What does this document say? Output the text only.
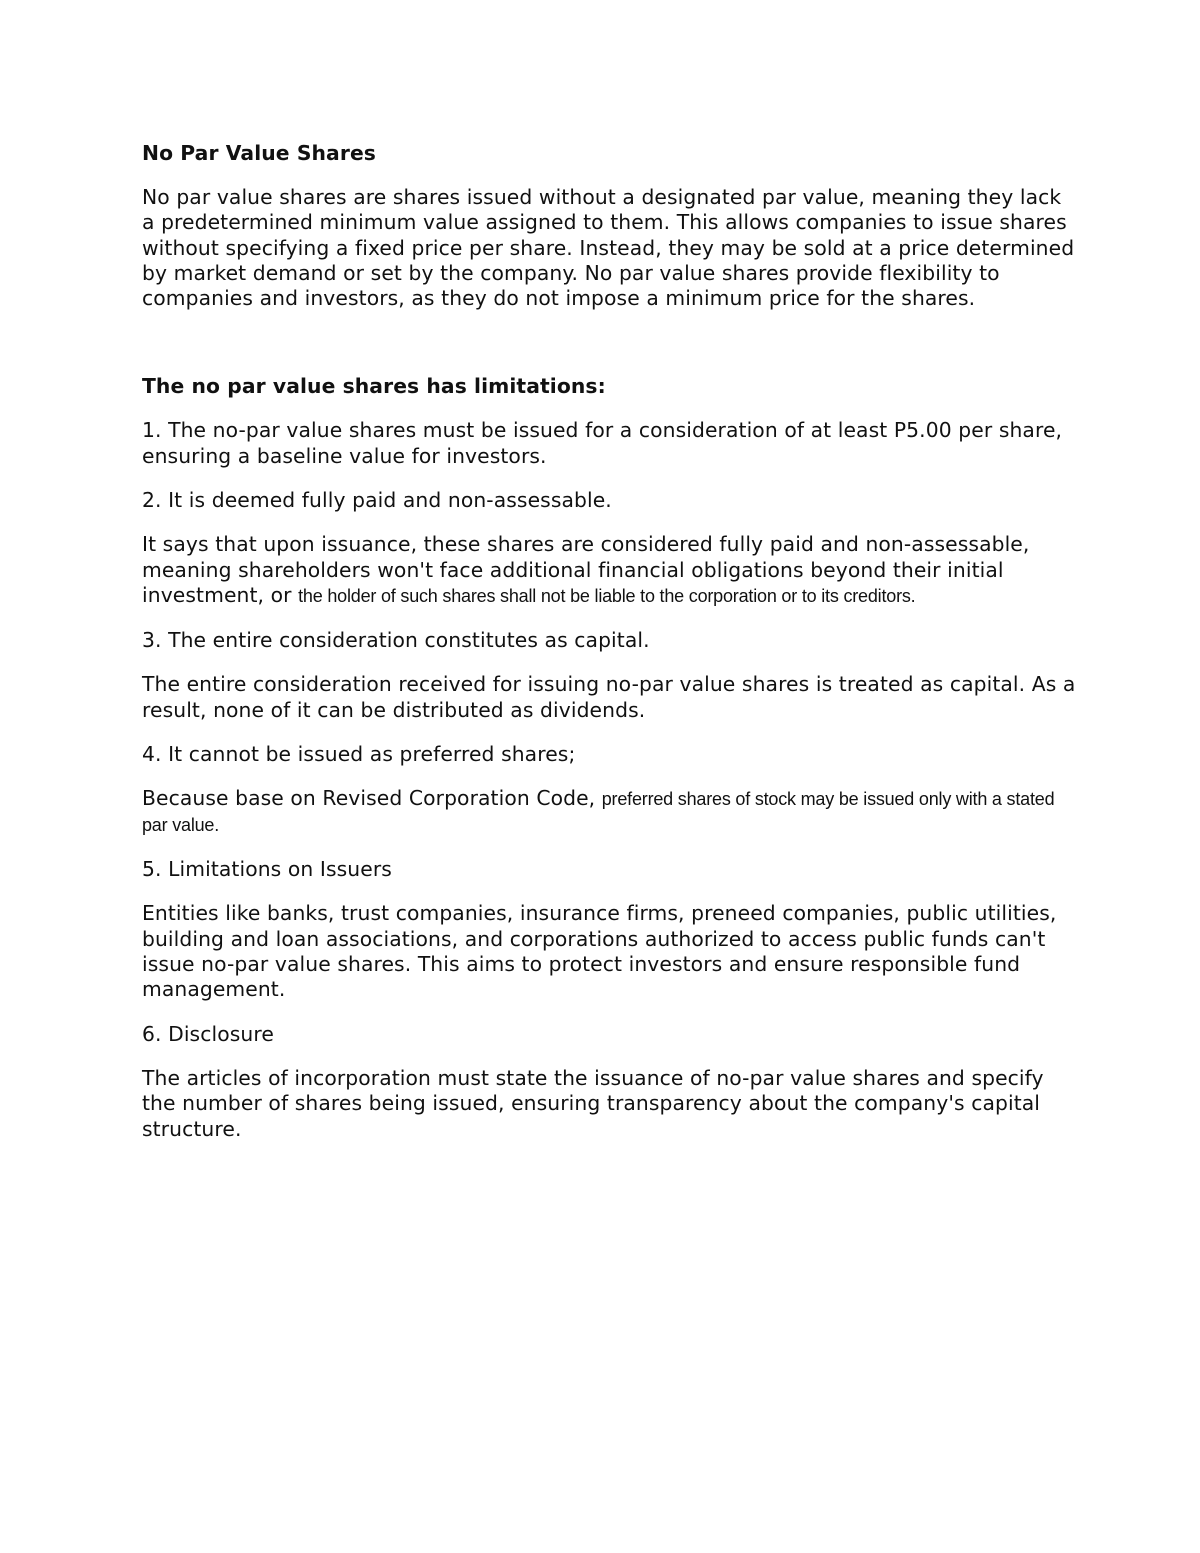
No Par Value Shares

No par value shares are shares issued without a designated par value, meaning they lack a predetermined minimum value assigned to them. This allows companies to issue shares without specifying a fixed price per share. Instead, they may be sold at a price determined by market demand or set by the company. No par value shares provide flexibility to companies and investors, as they do not impose a minimum price for the shares.

The no par value shares has limitations:

1. The no-par value shares must be issued for a consideration of at least P5.00 per share, ensuring a baseline value for investors.

2. It is deemed fully paid and non-assessable.

It says that upon issuance, these shares are considered fully paid and non-assessable, meaning shareholders won't face additional financial obligations beyond their initial investment, or the holder of such shares shall not be liable to the corporation or to its creditors.

3. The entire consideration constitutes as capital.

The entire consideration received for issuing no-par value shares is treated as capital. As a result, none of it can be distributed as dividends.

4. It cannot be issued as preferred shares;

Because base on Revised Corporation Code, preferred shares of stock may be issued only with a stated par value.

5. Limitations on Issuers

Entities like banks, trust companies, insurance firms, preneed companies, public utilities, building and loan associations, and corporations authorized to access public funds can't issue no-par value shares. This aims to protect investors and ensure responsible fund management.

6. Disclosure

The articles of incorporation must state the issuance of no-par value shares and specify the number of shares being issued, ensuring transparency about the company's capital structure.
